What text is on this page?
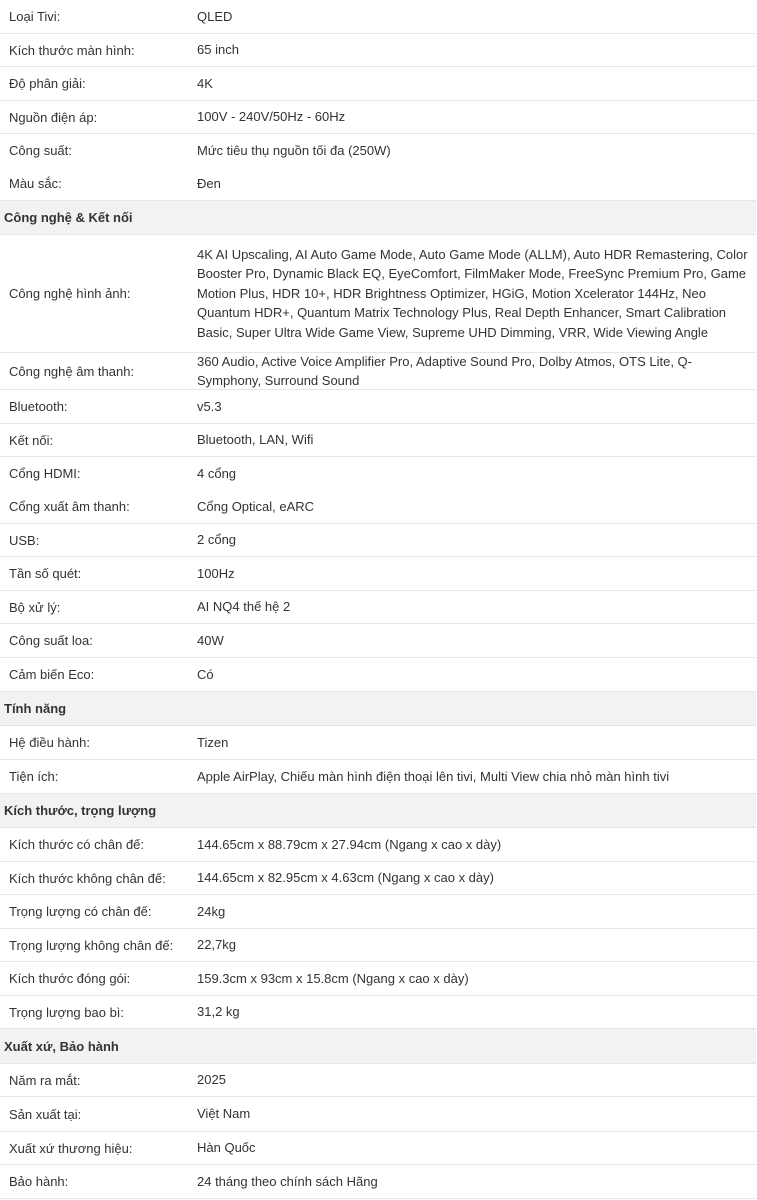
Loại Tivi:	QLED
Kích thước màn hình:	65 inch
Độ phân giải:	4K
Nguồn điện áp:	100V - 240V/50Hz - 60Hz
Công suất:	Mức tiêu thụ nguồn tối đa (250W)
Màu sắc:	Đen
Công nghệ & Kết nối
Công nghệ hình ảnh:
4K AI Upscaling, AI Auto Game Mode, Auto Game Mode (ALLM), Auto HDR Remastering, Color Booster Pro, Dynamic Black EQ, EyeComfort, FilmMaker Mode, FreeSync Premium Pro, Game Motion Plus, HDR 10+, HDR Brightness Optimizer, HGiG, Motion Xcelerator 144Hz, Neo Quantum HDR+, Quantum Matrix Technology Plus, Real Depth Enhancer, Smart Calibration Basic, Super Ultra Wide Game View, Supreme UHD Dimming, VRR, Wide Viewing Angle
Công nghệ âm thanh:
360 Audio, Active Voice Amplifier Pro, Adaptive Sound Pro, Dolby Atmos, OTS Lite, Q-Symphony, Surround Sound
Bluetooth:	v5.3
Kết nối:	Bluetooth, LAN, Wifi
Cổng HDMI:	4 cổng
Cổng xuất âm thanh:	Cổng Optical, eARC
USB:	2 cổng
Tần số quét:	100Hz
Bộ xử lý:	AI NQ4 thế hệ 2
Công suất loa:	40W
Cảm biến Eco:	Có
Tính năng
Hệ điều hành:	Tizen
Tiện ích:	Apple AirPlay, Chiếu màn hình điện thoại lên tivi, Multi View chia nhỏ màn hình tivi
Kích thước, trọng lượng
Kích thước có chân đế:	144.65cm x 88.79cm x 27.94cm (Ngang x cao x dày)
Kích thước không chân đế:	144.65cm x 82.95cm x 4.63cm (Ngang x cao x dày)
Trọng lượng có chân đế:	24kg
Trọng lượng không chân đế:	22,7kg
Kích thước đóng gói:	159.3cm x 93cm x 15.8cm (Ngang x cao x dày)
Trọng lượng bao bì:	31,2 kg
Xuất xứ, Bảo hành
Năm ra mắt:	2025
Sản xuất tại:	Việt Nam
Xuất xứ thương hiệu:	Hàn Quốc
Bảo hành:	24 tháng theo chính sách Hãng
